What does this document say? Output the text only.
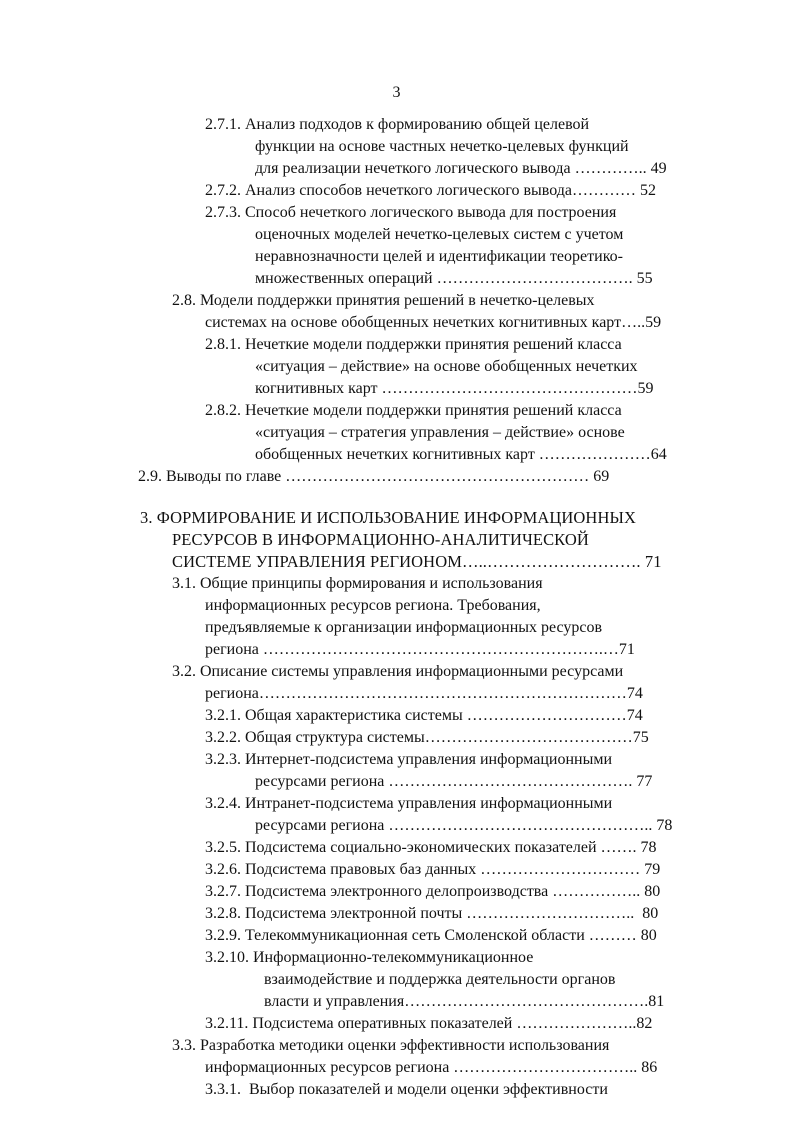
3
2.7.1. Анализ подходов к формированию общей целевой
функции на основе частных нечетко-целевых функций
для реализации нечеткого логического вывода ………….. 49
2.7.2. Анализ способов нечеткого логического вывода………… 52
2.7.3. Способ нечеткого логического вывода для построения
оценочных моделей нечетко-целевых систем с учетом
неравнозначности целей и идентификации теоретико-
множественных операций ………………………………. 55
2.8. Модели поддержки принятия решений в нечетко-целевых
системах на основе обобщенных нечетких когнитивных карт…..59
2.8.1. Нечеткие модели поддержки принятия решений класса
«ситуация – действие» на основе обобщенных нечетких
когнитивных карт …………………………………………59
2.8.2. Нечеткие модели поддержки принятия решений класса
«ситуация – стратегия управления – действие» основе
обобщенных нечетких когнитивных карт …………………64
2.9. Выводы по главе ………………………………………………… 69
3. ФОРМИРОВАНИЕ И ИСПОЛЬЗОВАНИЕ ИНФОРМАЦИОННЫХ
РЕСУРСОВ В ИНФОРМАЦИОННО-АНАЛИТИЧЕСКОЙ
СИСТЕМЕ УПРАВЛЕНИЯ РЕГИОНОМ…..………………………. 71
3.1. Общие принципы формирования и использования
информационных ресурсов региона. Требования,
предъявляемые к организации информационных ресурсов
региона ……………………………………………………….…71
3.2. Описание системы управления информационными ресурсами
региона……………………………………………………………74
3.2.1. Общая характеристика системы …………………………74
3.2.2. Общая структура системы…………………………………75
3.2.3. Интернет-подсистема управления информационными
ресурсами региона ………………………………………. 77
3.2.4. Интранет-подсистема управления информационными
ресурсами региона ………………………………………….. 78
3.2.5. Подсистема социально-экономических показателей ……. 78
3.2.6. Подсистема правовых баз данных ………………………… 79
3.2.7. Подсистема электронного делопроизводства …………….. 80
3.2.8. Подсистема электронной почты …………………………..  80
3.2.9. Телекоммуникационная сеть Смоленской области ……… 80
3.2.10. Информационно-телекоммуникационное
взаимодействие и поддержка деятельности органов
власти и управления……………………………………….81
3.2.11. Подсистема оперативных показателей …………………..82
3.3. Разработка методики оценки эффективности использования
информационных ресурсов региона …………………………….. 86
3.3.1.  Выбор показателей и модели оценки эффективности
